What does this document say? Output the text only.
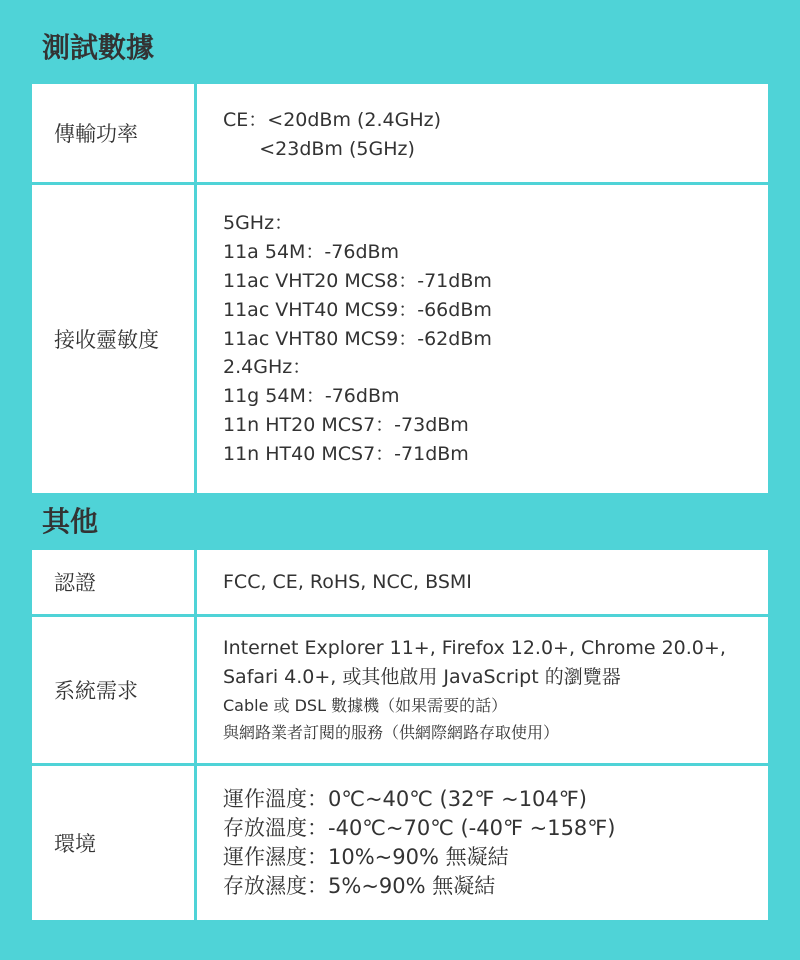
測試數據
傳輸功率
CE：<20dBm (2.4GHz)
<23dBm (5GHz)
接收靈敏度
5GHz：
11a 54M：-76dBm
11ac VHT20 MCS8：-71dBm
11ac VHT40 MCS9：-66dBm
11ac VHT80 MCS9：-62dBm
2.4GHz：
11g 54M：-76dBm
11n HT20 MCS7：-73dBm
11n HT40 MCS7：-71dBm
其他
認證	FCC, CE, RoHS, NCC, BSMI
系統需求
Internet Explorer 11+, Firefox 12.0+, Chrome 20.0+,
Safari 4.0+, 或其他啟用 JavaScript 的瀏覽器
Cable 或 DSL 數據機（如果需要的話）
與網路業者訂閱的服務（供網際網路存取使用）
環境
運作溫度：0℃~40℃ (32℉ ~104℉)
存放溫度：-40℃~70℃ (-40℉ ~158℉)
運作濕度：10%~90% 無凝結
存放濕度：5%~90% 無凝結
